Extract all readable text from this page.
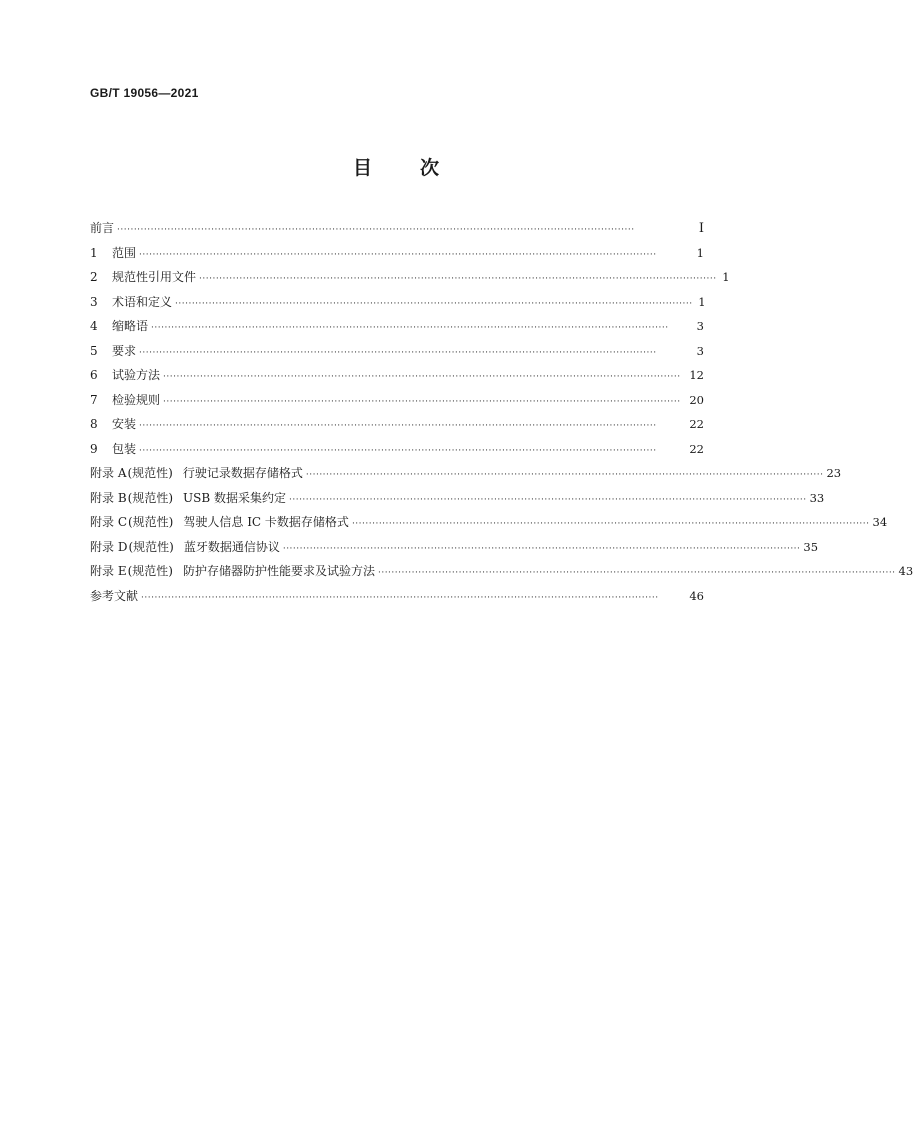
GB/T 19056—2021
目 次
前言 ··························································································································································	Ⅰ
1	范围 ··························································································································································	1
2	规范性引用文件 ·························································································································································· 1
3	术语和定义 ·························································································································································· 1
4	缩略语 ··························································································································································	3
5	要求 ··························································································································································	3
6	试验方法 ·························································································································································· 12
7	检验规则 ·························································································································································· 20
8	安装 ··························································································································································	22
9	包装 ··························································································································································	22
附录 A(规范性) 行驶记录数据存储格式 ·························································································································································· 23
附录 B(规范性) USB 数据采集约定 ·························································································································································· 33
附录 C(规范性) 驾驶人信息 IC 卡数据存储格式 ·························································································································································· 34
附录 D(规范性) 蓝牙数据通信协议 ·························································································································································· 35
附录 E(规范性) 防护存储器防护性能要求及试验方法 ·························································································································································· 43
参考文献 ··························································································································································	46
